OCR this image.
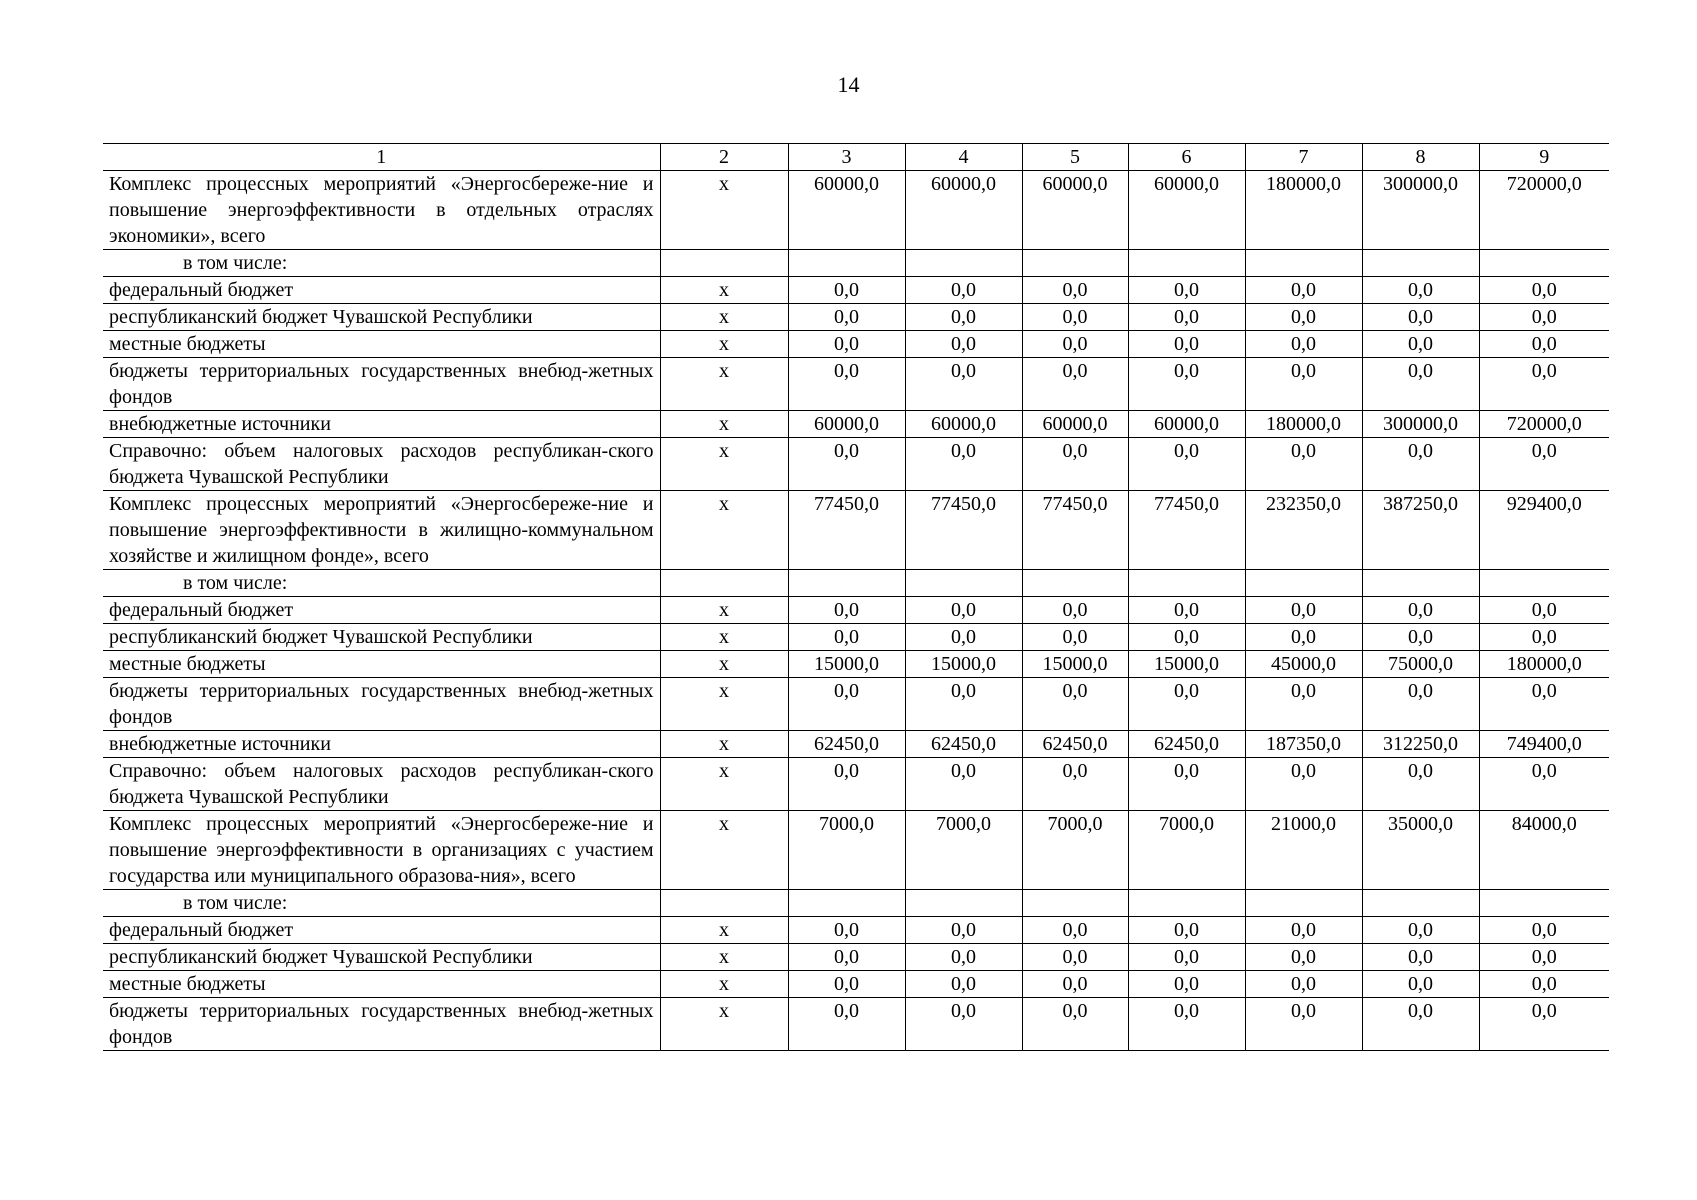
14
1	2	3	4	5	6	7	8	9
Комплекс процессных мероприятий «Энергосбереже-ние и повышение энергоэффективности в отдельных отраслях экономики», всего	х	60000,0	60000,0	60000,0	60000,0	180000,0	300000,0	720000,0
в том числе:								
федеральный бюджет	х	0,0	0,0	0,0	0,0	0,0	0,0	0,0
республиканский бюджет Чувашской Республики	х	0,0	0,0	0,0	0,0	0,0	0,0	0,0
местные бюджеты	х	0,0	0,0	0,0	0,0	0,0	0,0	0,0
бюджеты территориальных государственных внебюд-жетных фондов	х	0,0	0,0	0,0	0,0	0,0	0,0	0,0
внебюджетные источники	х	60000,0	60000,0	60000,0	60000,0	180000,0	300000,0	720000,0
Справочно: объем налоговых расходов республикан-ского бюджета Чувашской Республики	х	0,0	0,0	0,0	0,0	0,0	0,0	0,0
Комплекс процессных мероприятий «Энергосбереже-ние и повышение энергоэффективности в жилищно-коммунальном хозяйстве и жилищном фонде», всего	х	77450,0	77450,0	77450,0	77450,0	232350,0	387250,0	929400,0
в том числе:								
федеральный бюджет	х	0,0	0,0	0,0	0,0	0,0	0,0	0,0
республиканский бюджет Чувашской Республики	х	0,0	0,0	0,0	0,0	0,0	0,0	0,0
местные бюджеты	х	15000,0	15000,0	15000,0	15000,0	45000,0	75000,0	180000,0
бюджеты территориальных государственных внебюд-жетных фондов	х	0,0	0,0	0,0	0,0	0,0	0,0	0,0
внебюджетные источники	х	62450,0	62450,0	62450,0	62450,0	187350,0	312250,0	749400,0
Справочно: объем налоговых расходов республикан-ского бюджета Чувашской Республики	х	0,0	0,0	0,0	0,0	0,0	0,0	0,0
Комплекс процессных мероприятий «Энергосбереже-ние и повышение энергоэффективности в организациях с участием государства или муниципального образова-ния», всего	х	7000,0	7000,0	7000,0	7000,0	21000,0	35000,0	84000,0
в том числе:								
федеральный бюджет	х	0,0	0,0	0,0	0,0	0,0	0,0	0,0
республиканский бюджет Чувашской Республики	х	0,0	0,0	0,0	0,0	0,0	0,0	0,0
местные бюджеты	х	0,0	0,0	0,0	0,0	0,0	0,0	0,0
бюджеты территориальных государственных внебюд-жетных фондов	х	0,0	0,0	0,0	0,0	0,0	0,0	0,0
